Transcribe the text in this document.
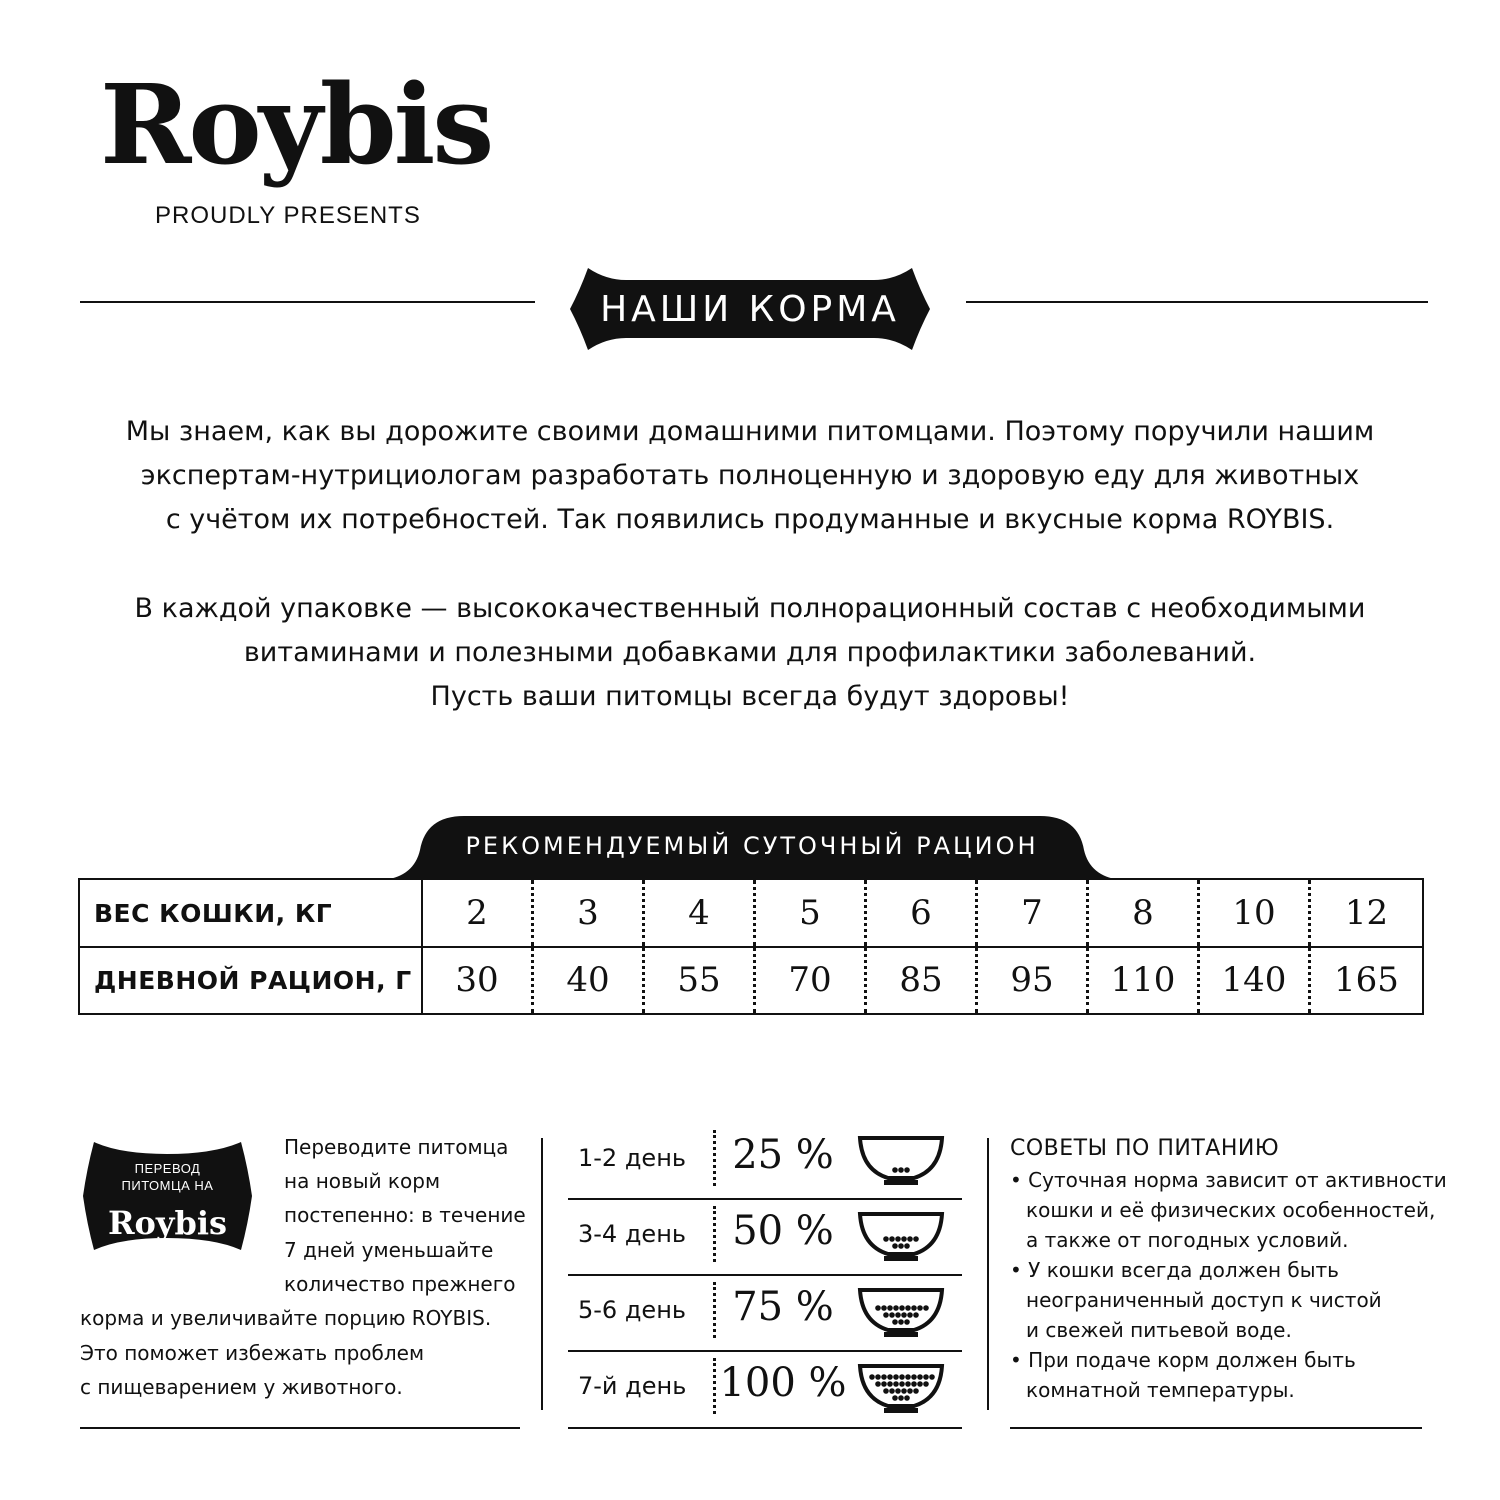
Roybis
PROUDLY PRESENTS
НАШИ КОРМА
Мы знаем, как вы дорожите своими домашними питомцами. Поэтому поручили нашим
экспертам-нутрициологам разработать полноценную и здоровую еду для животных
с учётом их потребностей. Так появились продуманные и вкусные корма ROYBIS.
В каждой упаковке — высококачественный полнорационный состав с необходимыми
витаминами и полезными добавками для профилактики заболеваний.
Пусть ваши питомцы всегда будут здоровы!
РЕКОМЕНДУЕМЫЙ СУТОЧНЫЙ РАЦИОН
ВЕС КОШКИ, КГ	2	3	4	5	6	7	8	10	12
ДНЕВНОЙ РАЦИОН, Г	30	40	55	70	85	95	110	140	165
ПЕРЕВОД
ПИТОМЦА НА
Roybis
Переводите питомца
на новый корм
постепенно: в течение
7 дней уменьшайте
количество прежнего
корма и увеличивайте порцию ROYBIS.
Это поможет избежать проблем
с пищеварением у животного.
1-2 день	25 %
3-4 день	50 %
5-6 день	75 %
7-й день 100 %
СОВЕТЫ ПО ПИТАНИЮ
• Суточная норма зависит от активности
кошки и её физических особенностей,
а также от погодных условий.
• У кошки всегда должен быть
неограниченный доступ к чистой
и свежей питьевой воде.
• При подаче корм должен быть
комнатной температуры.
